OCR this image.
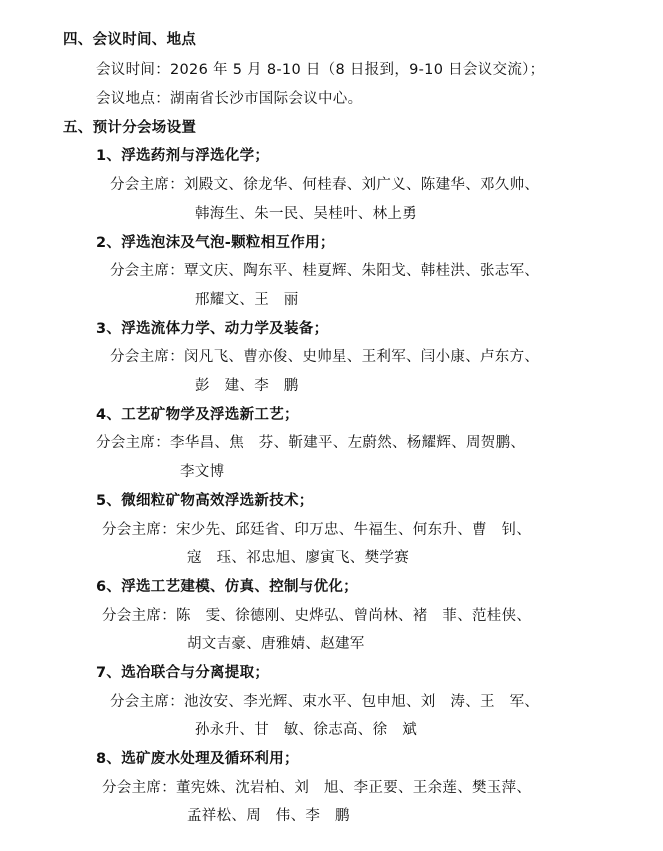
四、会议时间、地点
会议时间：2026 年 5 月 8-10 日（8 日报到，9-10 日会议交流）；
会议地点：湖南省长沙市国际会议中心。
五、预计分会场设置
1、浮选药剂与浮选化学；
分会主席：刘殿文、徐龙华、何桂春、刘广义、陈建华、邓久帅、
韩海生、朱一民、吴桂叶、林上勇
2、浮选泡沫及气泡-颗粒相互作用；
分会主席：覃文庆、陶东平、桂夏辉、朱阳戈、韩桂洪、张志军、
邢耀文、王　丽
3、浮选流体力学、动力学及装备；
分会主席：闵凡飞、曹亦俊、史帅星、王利军、闫小康、卢东方、
彭　建、李　鹏
4、工艺矿物学及浮选新工艺；
分会主席：李华昌、焦　芬、靳建平、左蔚然、杨耀辉、周贺鹏、
李文博
5、微细粒矿物高效浮选新技术；
分会主席：宋少先、邱廷省、印万忠、牛福生、何东升、曹　钊、
寇　珏、祁忠旭、廖寅飞、樊学赛
6、浮选工艺建模、仿真、控制与优化；
分会主席：陈　雯、徐德刚、史烨弘、曾尚林、褚　菲、范桂侠、
胡文吉豪、唐雅婧、赵建军
7、选冶联合与分离提取；
分会主席：池汝安、李光辉、束水平、包申旭、刘　涛、王　军、
孙永升、甘　敏、徐志高、徐　斌
8、选矿废水处理及循环利用；
分会主席：董宪姝、沈岩柏、刘　旭、李正要、王余莲、樊玉萍、
孟祥松、周　伟、李　鹏
